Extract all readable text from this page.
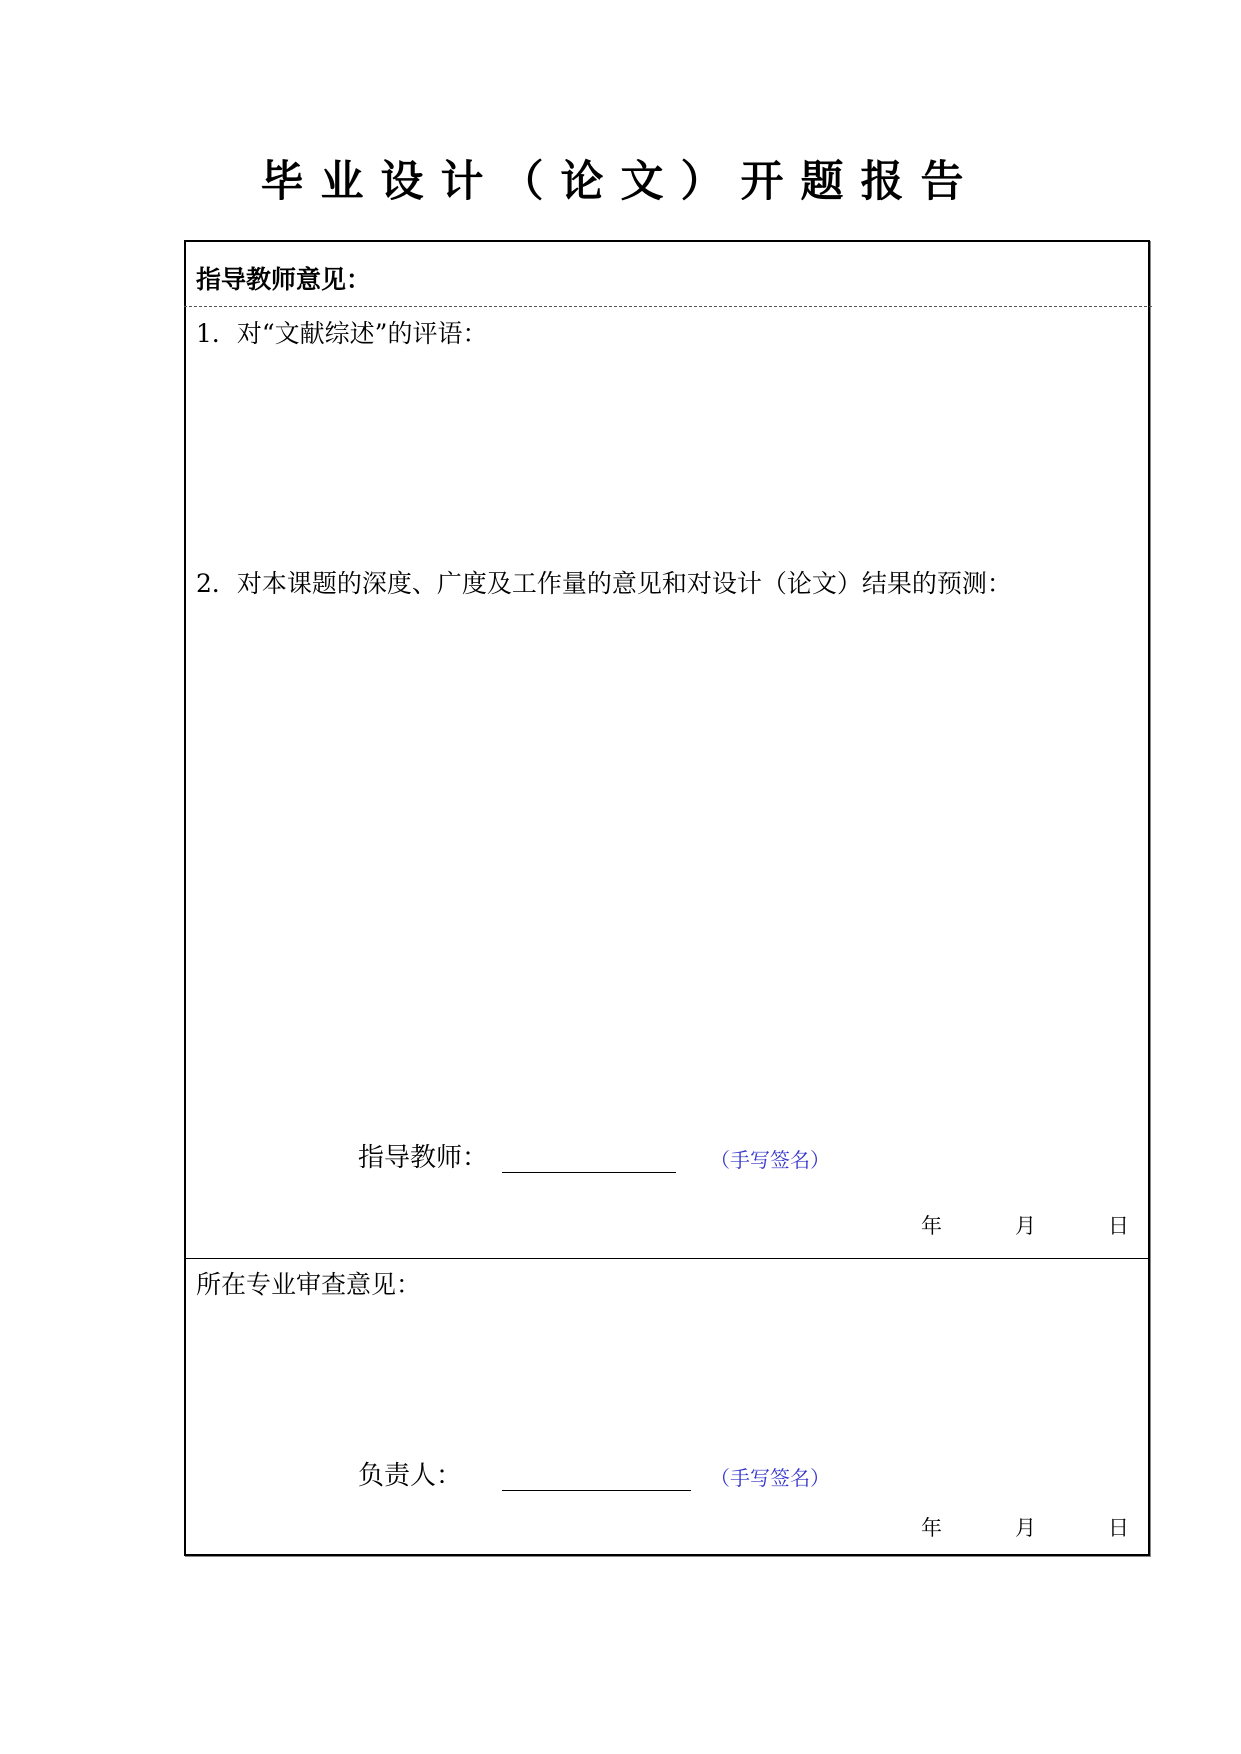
毕业设计（论文）开题报告
指导教师意见：
1．对“文献综述”的评语：
2．对本课题的深度、广度及工作量的意见和对设计（论文）结果的预测：
指导教师：	（手写签名）
年	月	日
所在专业审查意见：
负责人：	（手写签名）
年	月	日
